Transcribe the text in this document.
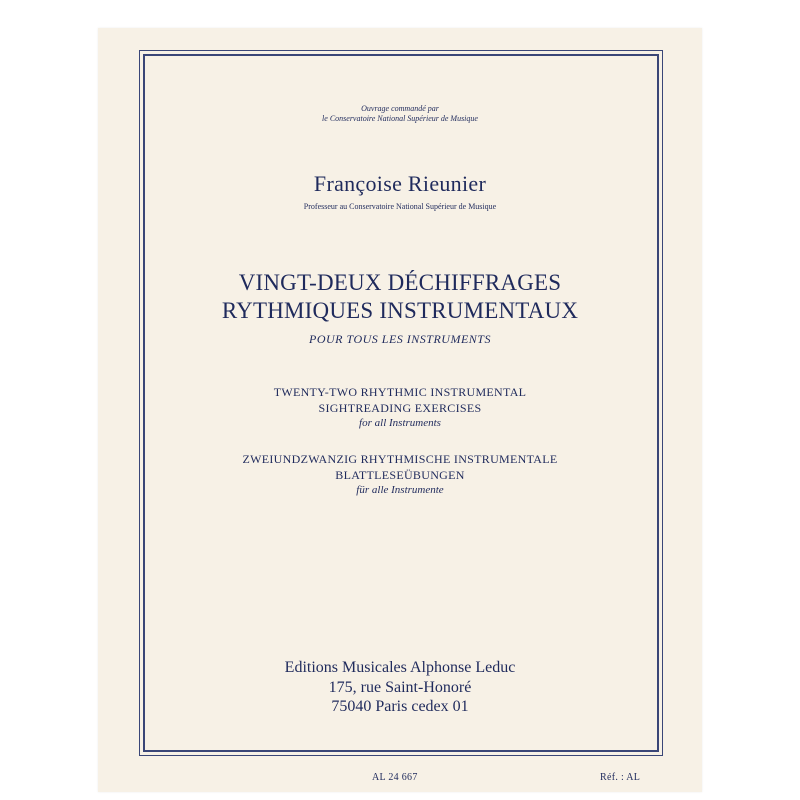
Ouvrage commandé par
le Conservatoire National Supérieur de Musique
Françoise Rieunier
Professeur au Conservatoire National Supérieur de Musique
VINGT-DEUX DÉCHIFFRAGES
RYTHMIQUES INSTRUMENTAUX
POUR TOUS LES INSTRUMENTS
TWENTY-TWO RHYTHMIC INSTRUMENTAL
SIGHTREADING EXERCISES
for all Instruments
ZWEIUNDZWANZIG RHYTHMISCHE INSTRUMENTALE
BLATTLESEÜBUNGEN
für alle Instrumente
Editions Musicales Alphonse Leduc
175, rue Saint-Honoré
75040 Paris cedex 01
AL 24 667	Réf. : AL
